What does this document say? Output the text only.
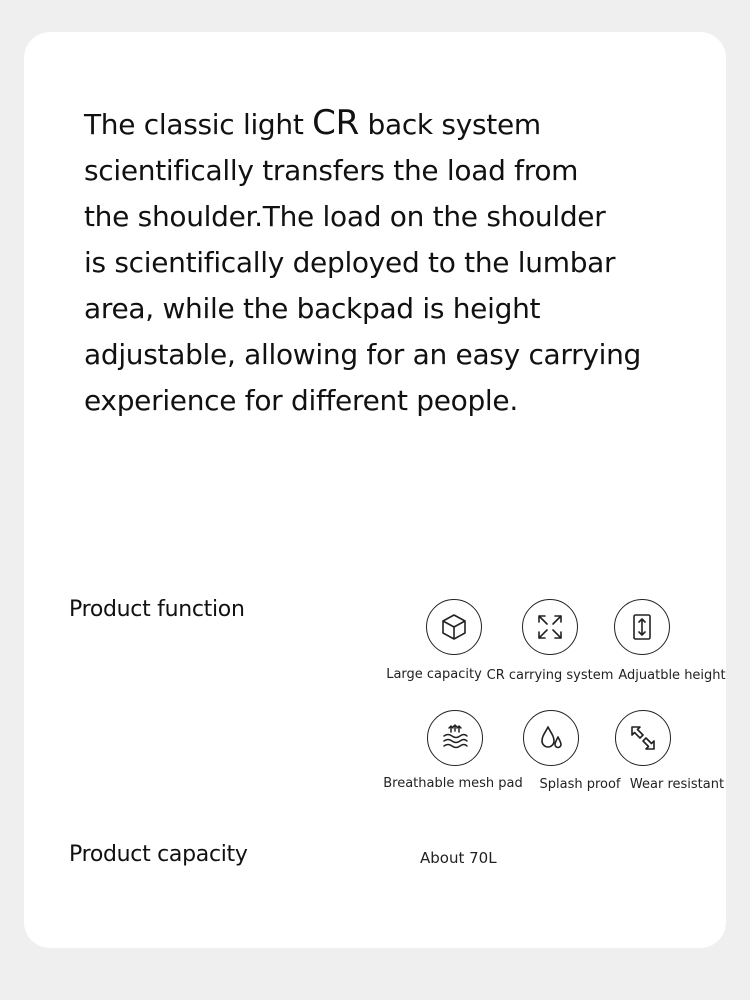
The classic light CR back system
scientifically transfers the load from
the shoulder.The load on the shoulder
is scientifically deployed to the lumbar
area, while the backpad is height
adjustable, allowing for an easy carrying
experience for different people.

Product function
Large capacity CR carrying system Adjuatble height
Breathable mesh pad Splash proof Wear resistant
Product capacity	About 70L
